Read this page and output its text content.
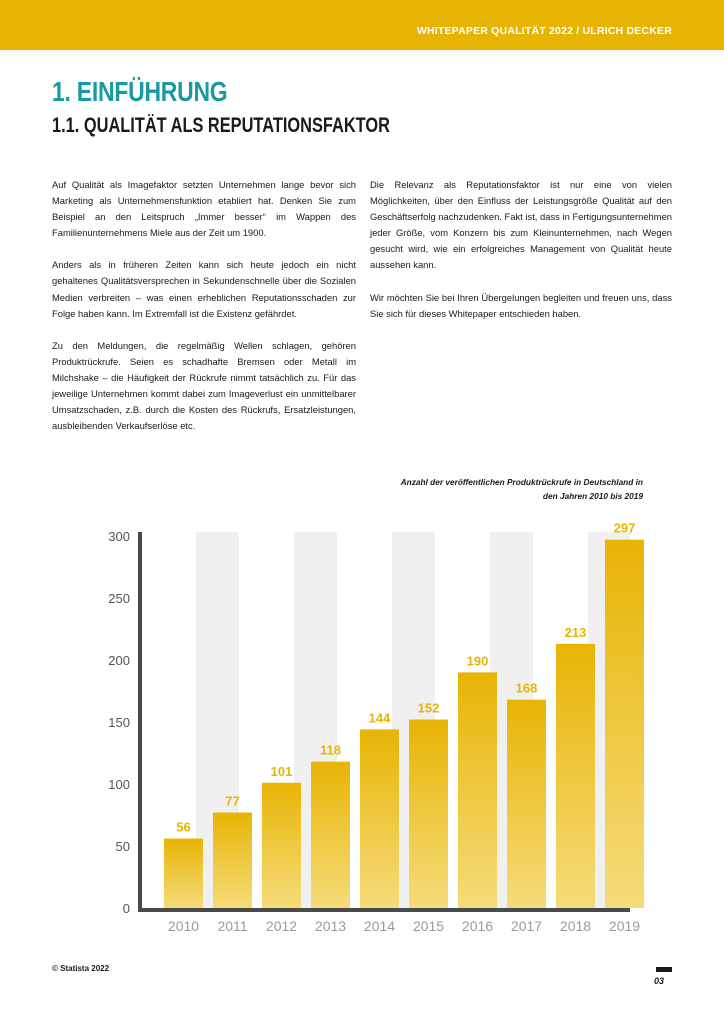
WHITEPAPER QUALITÄT 2022 / ULRICH DECKER
1. EINFÜHRUNG
1.1. QUALITÄT ALS REPUTATIONSFAKTOR

Auf Qualität als Imagefaktor setzten Unternehmen lange bevor sich Marketing als Unternehmensfunktion etabliert hat. Denken Sie zum Beispiel an den Leitspruch „Immer besser“ im Wappen des Familienunternehmens Miele aus der Zeit um 1900.

Anders als in früheren Zeiten kann sich heute jedoch ein nicht gehaltenes Qualitätsversprechen in Sekundenschnelle über die Sozialen Medien verbreiten – was einen erheblichen Reputationsschaden zur Folge haben kann. Im Extremfall ist die Existenz gefährdet.

Zu den Meldungen, die regelmäßig Wellen schlagen, gehören Produktrückrufe. Seien es schadhafte Bremsen oder Metall im Milchshake – die Häufigkeit der Rückrufe nimmt tatsächlich zu. Für das jeweilige Unternehmen kommt dabei zum Imageverlust ein unmittelbarer Umsatzschaden, z.B. durch die Kosten des Rückrufs, Ersatzleistungen, ausbleibenden Verkaufserlöse etc.

Die Relevanz als Reputationsfaktor ist nur eine von vielen Möglichkeiten, über den Einfluss der Leistungsgröße Qualität auf den Geschäftserfolg nachzudenken. Fakt ist, dass in Fertigungsunternehmen jeder Größe, vom Konzern bis zum Kleinunternehmen, nach Wegen gesucht wird, wie ein erfolgreiches Management von Qualität heute aussehen kann.

Wir möchten Sie bei Ihren Übergelungen begleiten und freuen uns, dass Sie sich für dieses Whitepaper entschieden haben.

Anzahl der veröffentlichen Produktrückrufe in Deutschland in
den Jahren 2010 bis 2019
56
2010
77
2011
101
2012
118
2013
144
2014
152
2015
190
2016
168
2017
213
2018
297
2019
0
50
100
150
200
250
300
© Statista 2022
03
